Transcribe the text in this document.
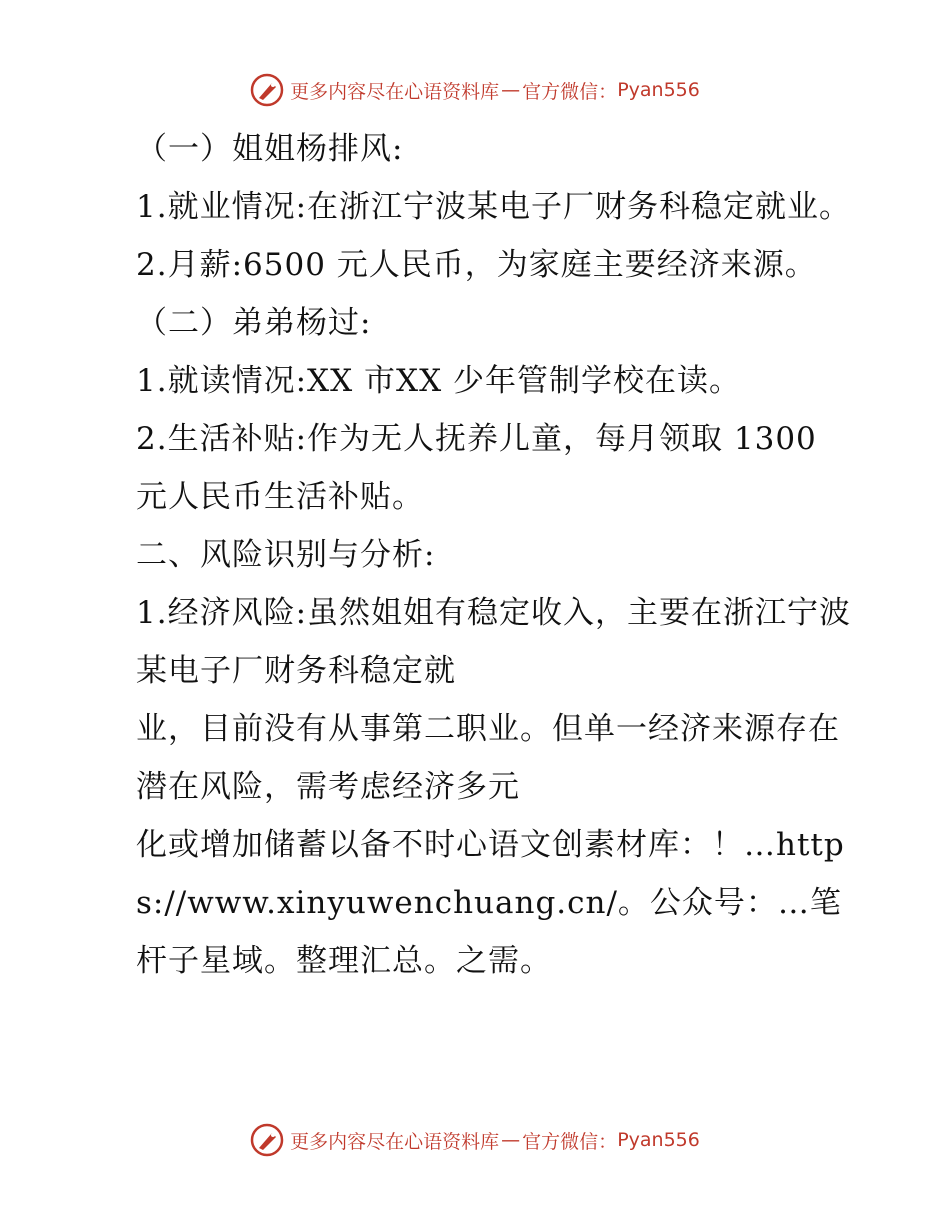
更多内容尽在心语资料库 — 官方微信： Pyan556

（一）姐姐杨排风:

1.就业情况:在浙江宁波某电子厂财务科稳定就业。

2.月薪:6500 元人民币，为家庭主要经济来源。

（二）弟弟杨过:

1.就读情况:XX 市XX 少年管制学校在读。

2.生活补贴:作为无人抚养儿童，每月领取 1300 元人民币生活补贴。

二、风险识别与分析:

1.经济风险:虽然姐姐有稳定收入，主要在浙江宁波某电子厂财务科稳定就

业，目前没有从事第二职业。但单一经济来源存在潜在风险，需考虑经济多元

化或增加储蓄以备不时心语文创素材库：！…https://www.xinyuwenchuang.cn/。公众号：…笔杆子星域。整理汇总。之需。

更多内容尽在心语资料库 — 官方微信： Pyan556
